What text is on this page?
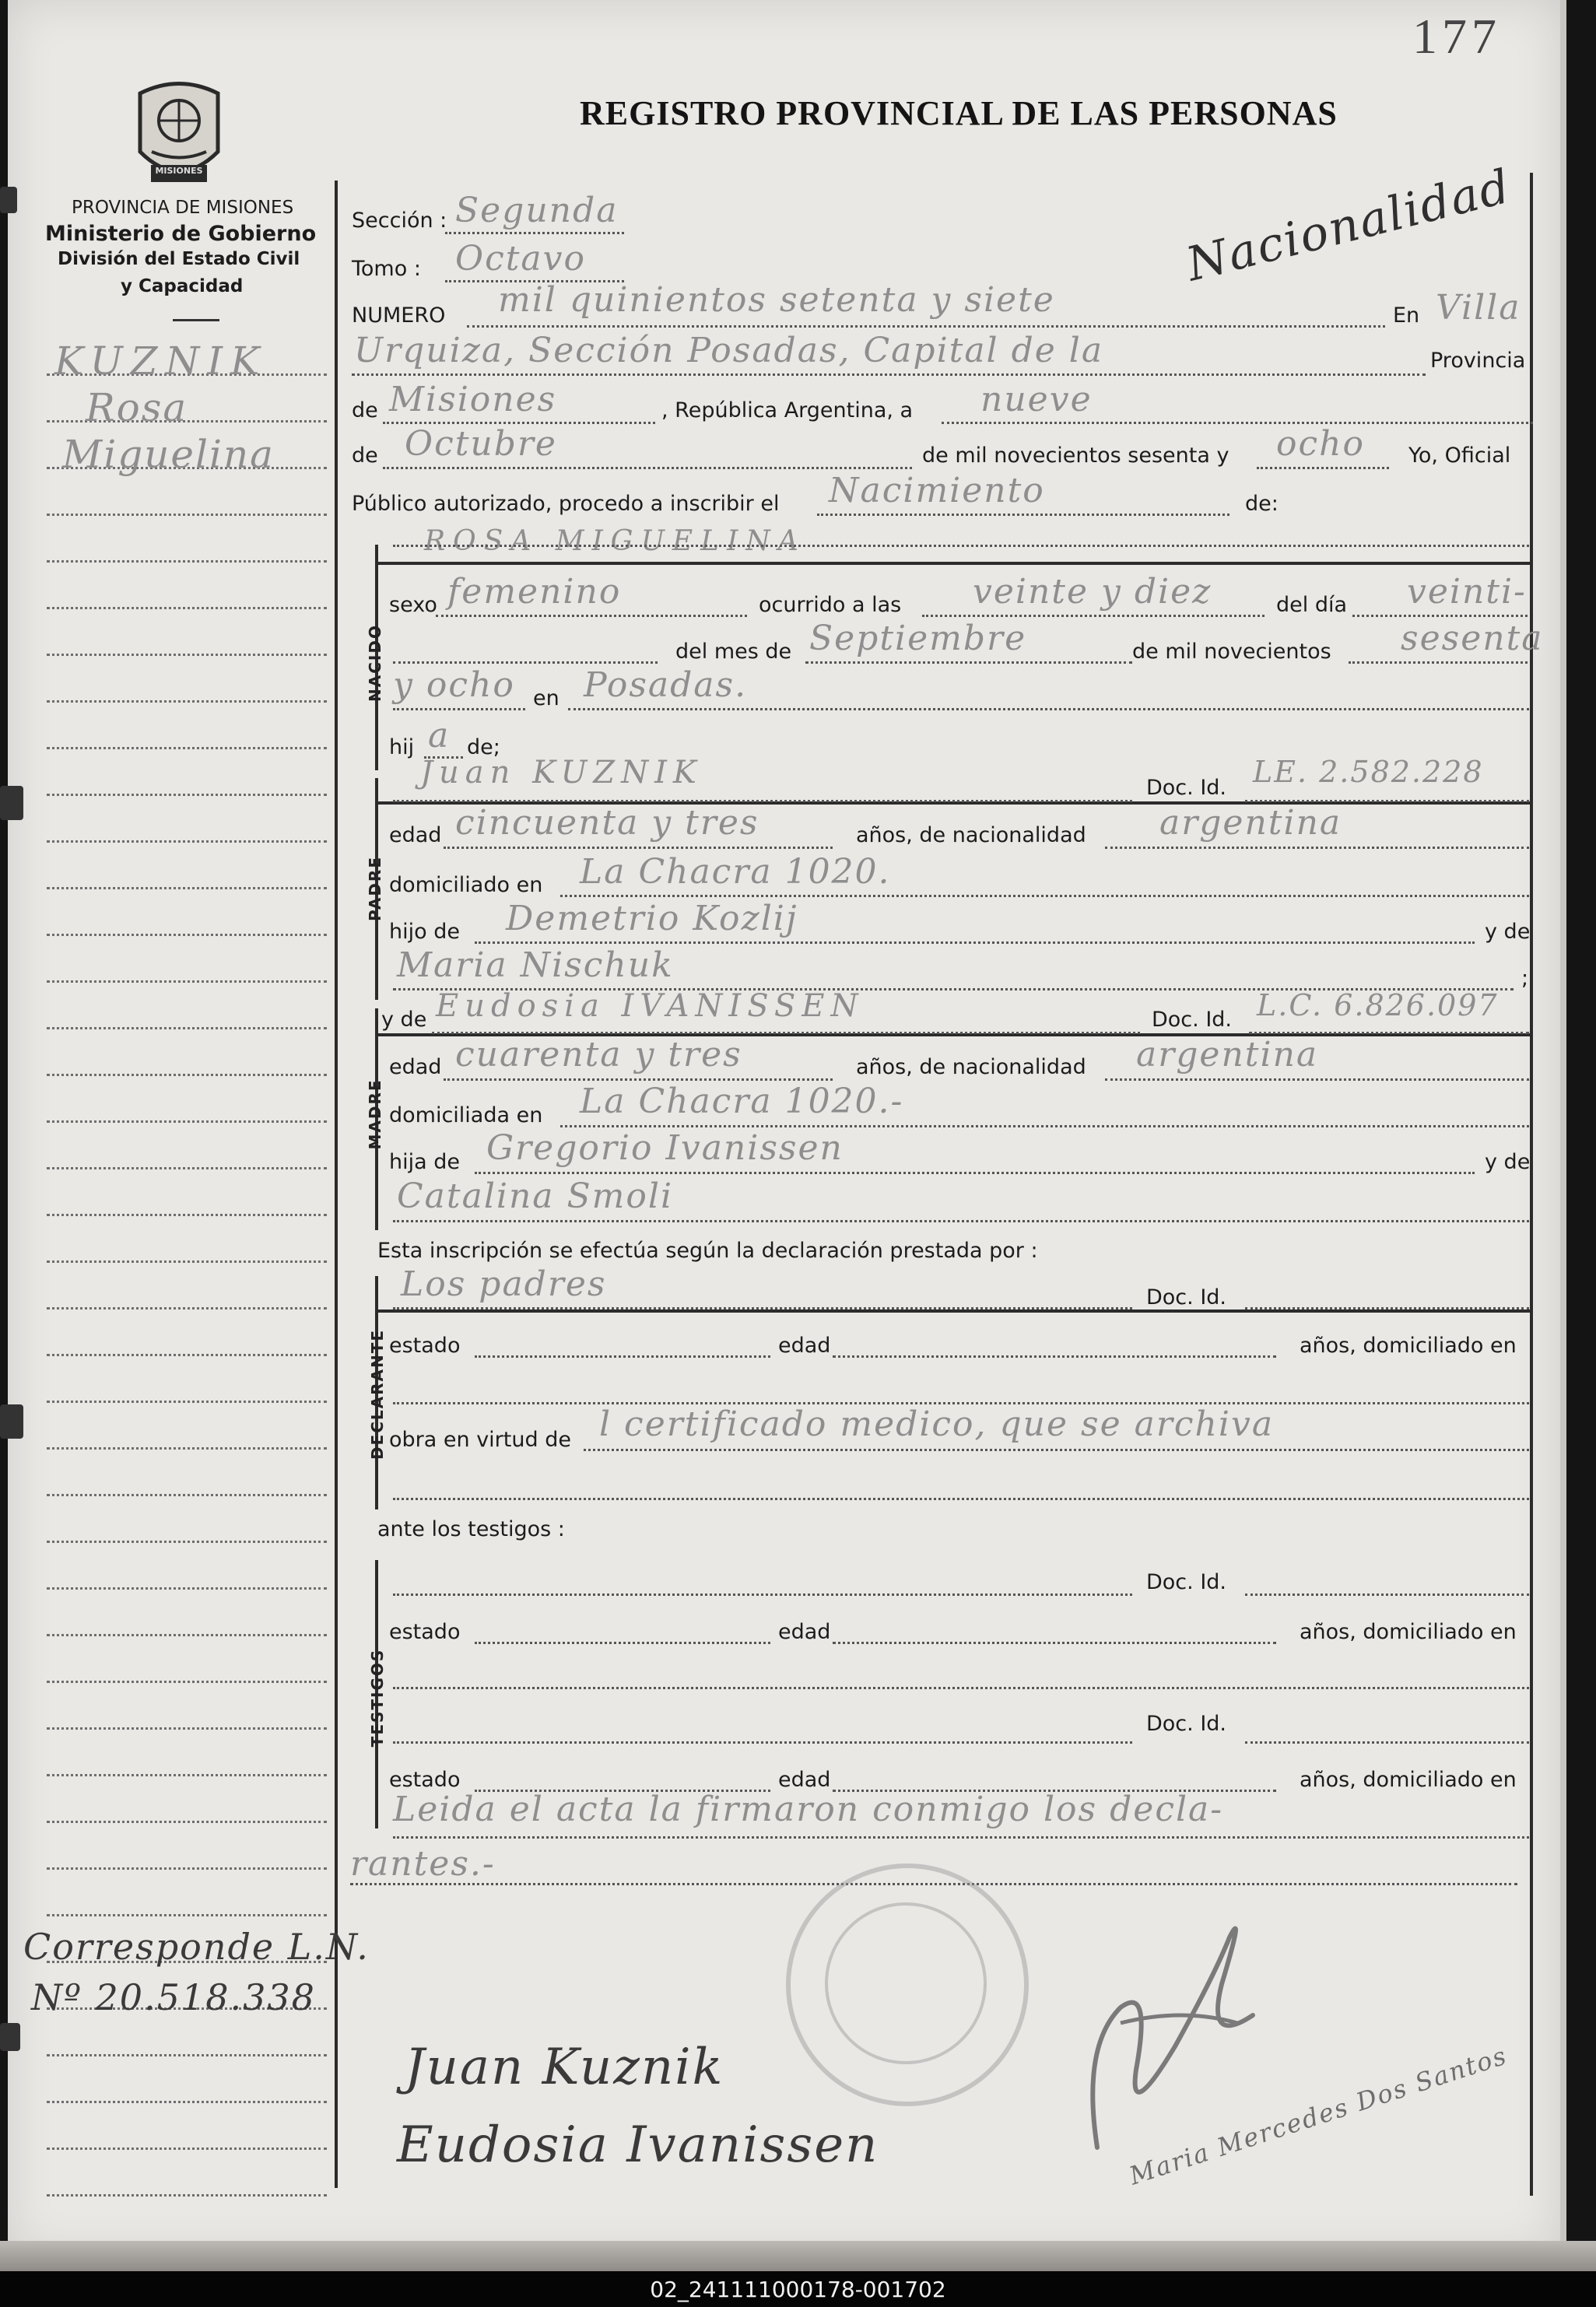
177
MISIONES
PROVINCIA DE MISIONES
Ministerio de Gobierno
División del Estado Civil
y Capacidad
REGISTRO PROVINCIAL DE LAS PERSONAS
KUZNIK
Rosa
Miguelina
Corresponde L.N.
Nº 20.518.338
Sección : Segunda
Tomo : Octavo
NUMERO mil quinientos setenta y siete
Nacionalidad
En Villa
Urquiza, Sección Posadas, Capital de la	Provincia
de Misiones	, República Argentina, a nueve
de Octubre	de mil novecientos sesenta y ocho Yo, Oficial
Público autorizado, procedo a inscribir el Nacimiento	de:
NACIDO
ROSA MIGUELINA
sexo femenino	ocurrido a las veinte y diez	del día veinti-
del mes de Septiembre	de mil novecientos sesenta
y ocho en Posadas.
hij a de;
PADRE
Juan KUZNIK	Doc. Id. LE. 2.582.228
edad cincuenta y tres	años, de nacionalidad argentina
domiciliado en La Chacra 1020.
hijo de Demetrio Kozlij	y de
Maria Nischuk	;
MADRE
y de Eudosia IVANISSEN	Doc. Id. L.C. 6.826.097
edad cuarenta y tres	años, de nacionalidad argentina
domiciliada en La Chacra 1020.-
hija de Gregorio Ivanissen	y de
Catalina Smoli
Esta inscripción se efectúa según la declaración prestada por :
DECLARANTE
Los padres	Doc. Id.
estado	edad	años, domiciliado en
obra en virtud de l certificado medico, que se archiva
ante los testigos :
TESTIGOS
Doc. Id.
estado	edad	años, domiciliado en
Doc. Id.
estado	edad	años, domiciliado en
Leida el acta la firmaron conmigo los decla-
rantes.-
Maria Mercedes Dos Santos
Juan Kuznik
Eudosia Ivanissen
02_241111000178-001702
